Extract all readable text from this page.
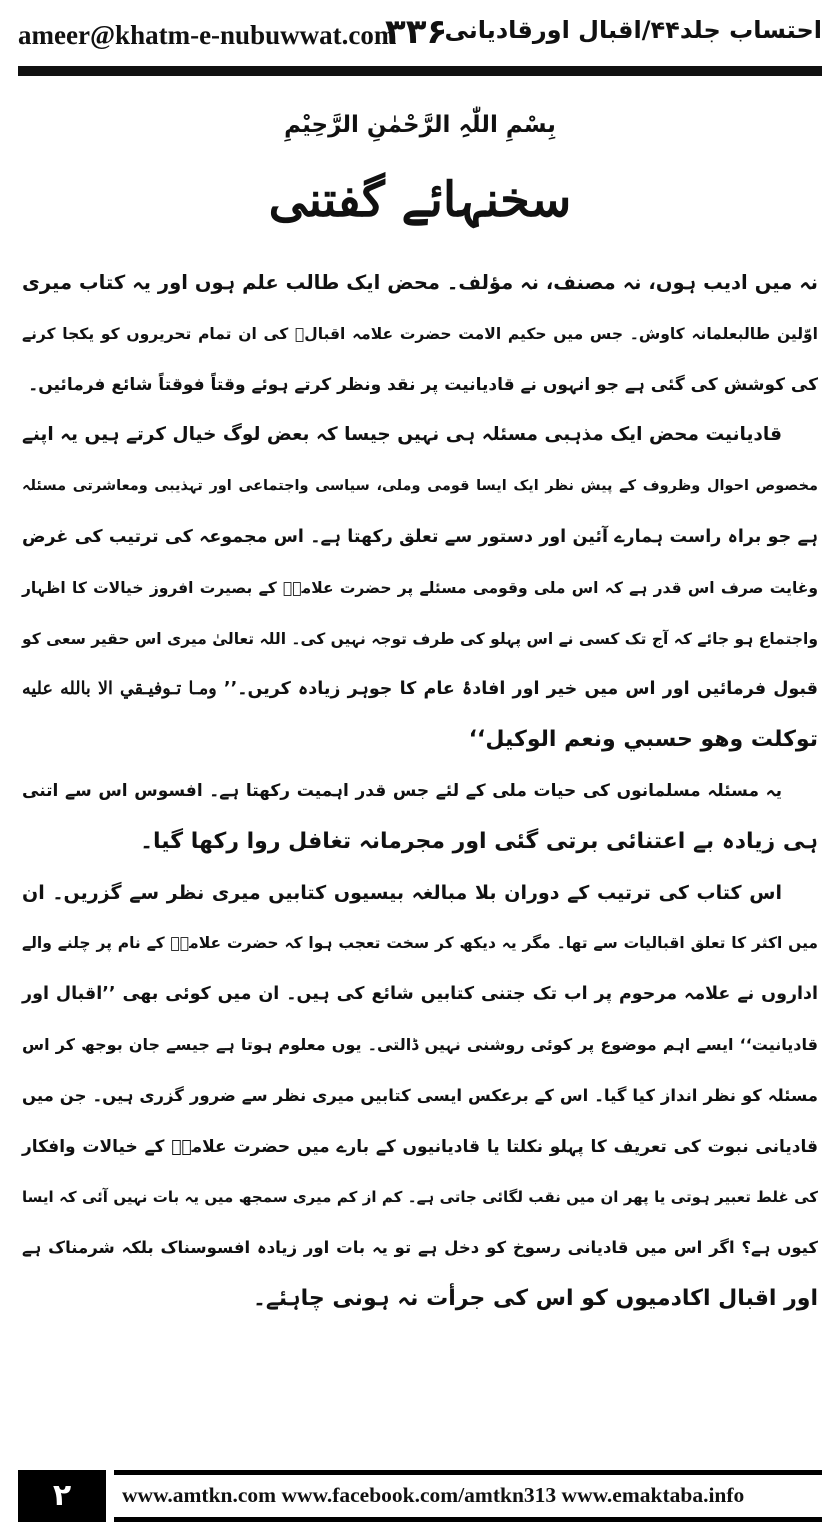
ameer@khatm-e-nubuwwat.com
۳۳۶
احتساب جلد۴۴/اقبال اورقادیانی
بِسْمِ اللّٰہِ الرَّحْمٰنِ الرَّحِیْمِ
سخنہائے گفتنی
نہ میں ادیب ہوں، نہ مصنف، نہ مؤلف۔ محض ایک طالب علم ہوں اور یہ کتاب میری
اوّلین طالبعلمانہ کاوش۔ جس میں حکیم الامت حضرت علامہ اقبالؒ کی ان تمام تحریروں کو یکجا کرنے
کی کوشش کی گئی ہے جو انہوں نے قادیانیت پر نقد ونظر کرتے ہوئے وقتاً فوقتاً شائع فرمائیں۔
قادیانیت محض ایک مذہبی مسئلہ ہی نہیں جیسا کہ بعض لوگ خیال کرتے ہیں یہ اپنے
مخصوص احوال وظروف کے پیش نظر ایک ایسا قومی وملی، سیاسی واجتماعی اور تہذیبی ومعاشرتی مسئلہ
ہے جو براہ راست ہمارے آئین اور دستور سے تعلق رکھتا ہے۔ اس مجموعہ کی ترتیب کی غرض
وغایت صرف اس قدر ہے کہ اس ملی وقومی مسئلے پر حضرت علامہؒ کے بصیرت افروز خیالات کا اظہار
واجتماع ہو جائے کہ آج تک کسی نے اس پہلو کی طرف توجہ نہیں کی۔ اللہ تعالیٰ میری اس حقیر سعی کو
قبول فرمائیں اور اس میں خیر اور افادۂ عام کا جوہر زیادہ کریں۔’’ ومـا تـوفيـقي الا بالله عليه
توكلت وهو حسبي ونعم الوكيل‘‘
یہ مسئلہ مسلمانوں کی حیات ملی کے لئے جس قدر اہمیت رکھتا ہے۔ افسوس اس سے اتنی
ہی زیادہ بے اعتنائی برتی گئی اور مجرمانہ تغافل روا رکھا گیا۔
اس کتاب کی ترتیب کے دوران بلا مبالغہ بیسیوں کتابیں میری نظر سے گزریں۔ ان
میں اکثر کا تعلق اقبالیات سے تھا۔ مگر یہ دیکھ کر سخت تعجب ہوا کہ حضرت علامہؒ کے نام پر چلنے والے
اداروں نے علامہ مرحوم پر اب تک جتنی کتابیں شائع کی ہیں۔ ان میں کوئی بھی ’’اقبال اور
قادیانیت‘‘ ایسے اہم موضوع پر کوئی روشنی نہیں ڈالتی۔ یوں معلوم ہوتا ہے جیسے جان بوجھ کر اس
مسئلہ کو نظر انداز کیا گیا۔ اس کے برعکس ایسی کتابیں میری نظر سے ضرور گزری ہیں۔ جن میں
قادیانی نبوت کی تعریف کا پہلو نکلتا یا قادیانیوں کے بارے میں حضرت علامہؒ کے خیالات وافکار
کی غلط تعبیر ہوتی یا پھر ان میں نقب لگائی جاتی ہے۔ کم از کم میری سمجھ میں یہ بات نہیں آئی کہ ایسا
کیوں ہے؟ اگر اس میں قادیانی رسوخ کو دخل ہے تو یہ بات اور زیادہ افسوسناک بلکہ شرمناک ہے
اور اقبال اکادمیوں کو اس کی جرأت نہ ہونی چاہئے۔
۲	www.amtkn.com www.facebook.com/amtkn313 www.emaktaba.info
